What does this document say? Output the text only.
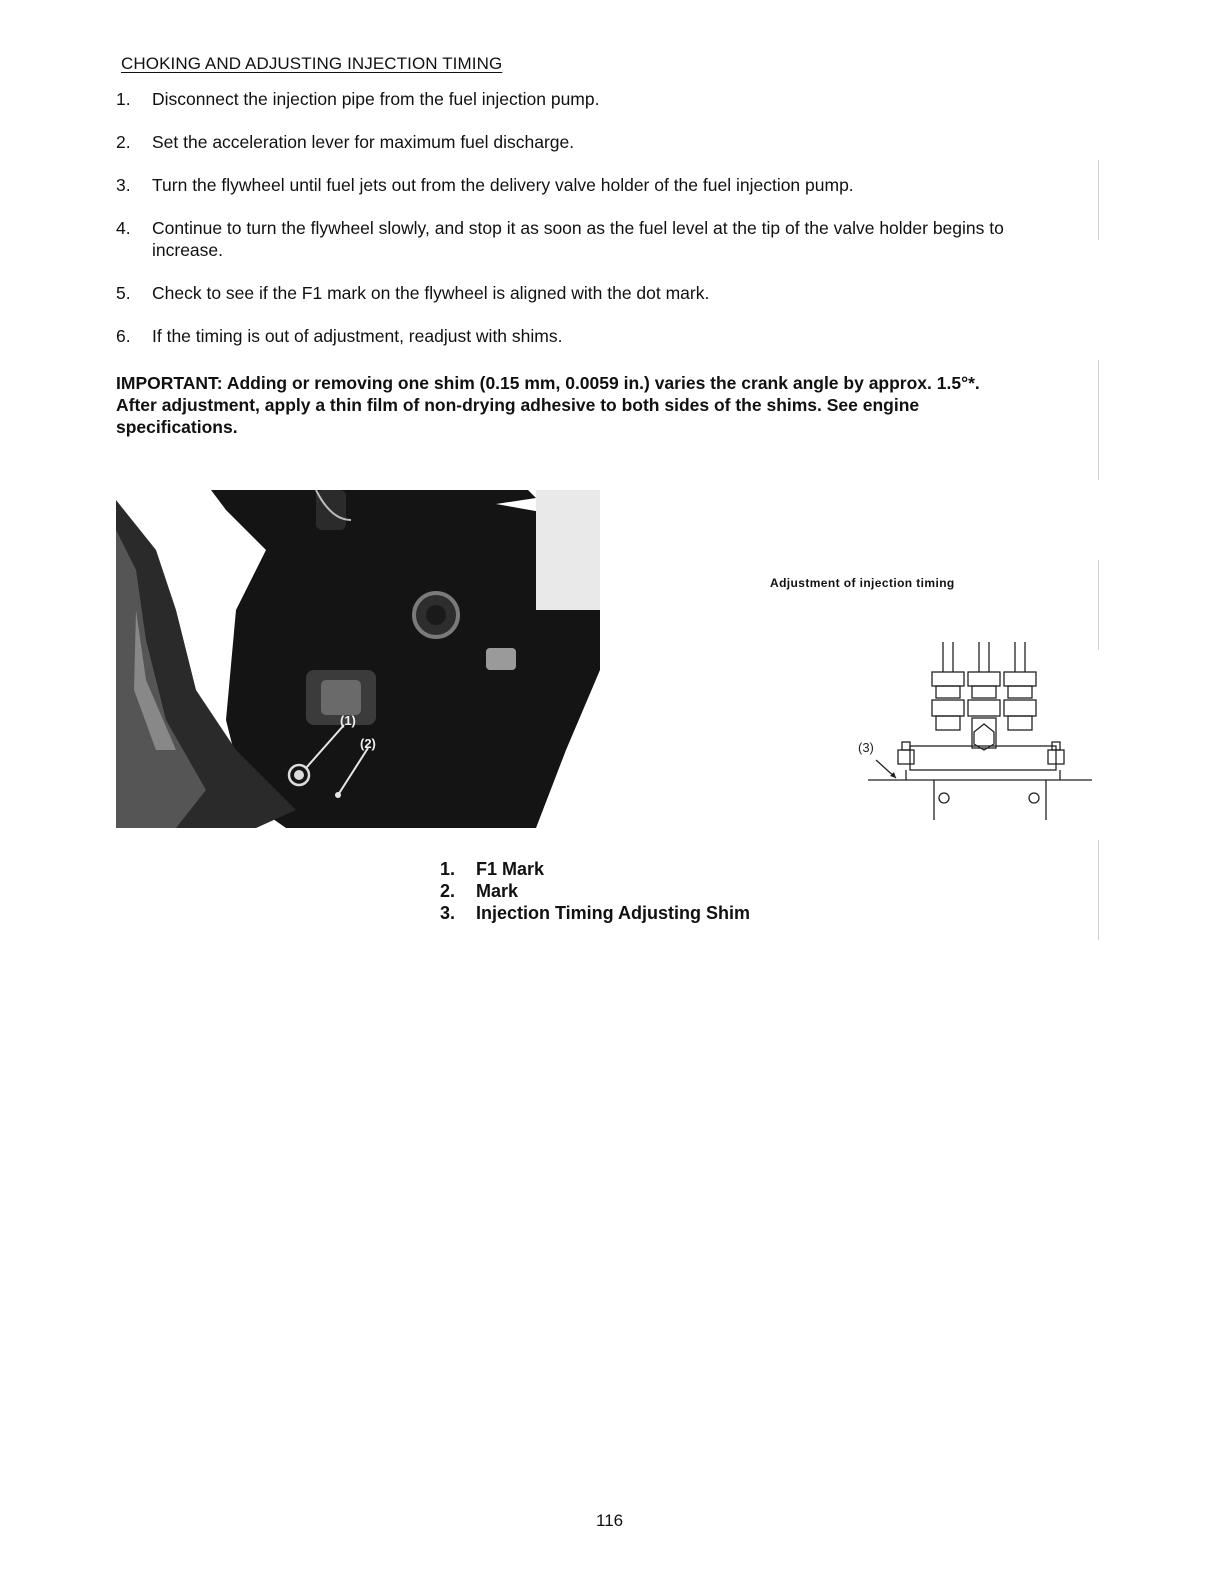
CHOKING AND ADJUSTING INJECTION TIMING
1.	Disconnect the injection pipe from the fuel injection pump.
2.	Set the acceleration lever for maximum fuel discharge.
3.	Turn the flywheel until fuel jets out from the delivery valve holder of the fuel injection pump.
4.	Continue to turn the flywheel slowly, and stop it as soon as the fuel level at the tip of the valve holder begins to increase.
5.	Check to see if the F1 mark on the flywheel is aligned with the dot mark.
6.	If the timing is out of adjustment, readjust with shims.
IMPORTANT: Adding or removing one shim (0.15 mm, 0.0059 in.) varies the crank angle by approx. 1.5°*. After adjustment, apply a thin film of non-drying adhesive to both sides of the shims. See engine specifications.
(1)
(2)
Adjustment of injection timing
(3)
1.	F1 Mark
2.	Mark
3.	Injection Timing Adjusting Shim
116
